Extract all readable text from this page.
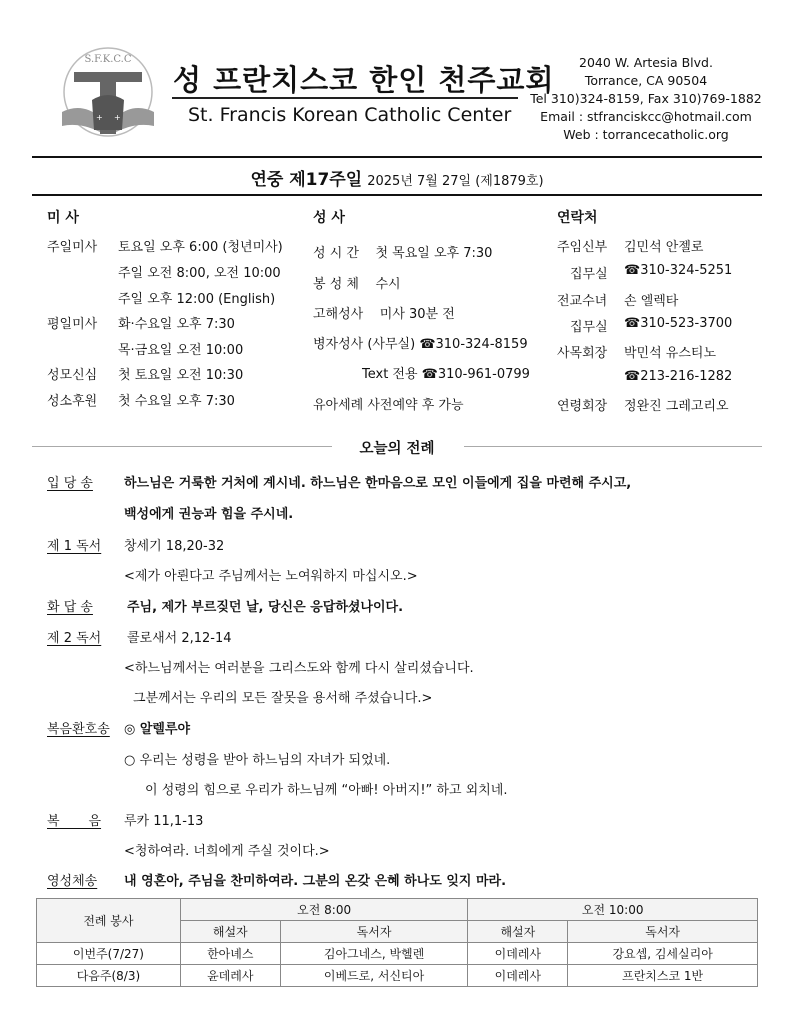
S.F.K.C.C
+ +
성 프란치스코 한인 천주교회
St. Francis Korean Catholic Center
2040 W. Artesia Blvd.
Torrance, CA 90504
Tel 310)324-8159, Fax 310)769-1882
Email : stfranciskcc@hotmail.com
Web : torrancecatholic.org
연중 제17주일 2025년 7월 27일 (제1879호)
미 사
주일미사 토요일 오후 6:00 (청년미사)
주일 오전 8:00, 오전 10:00
주일 오후 12:00 (English)
평일미사 화·수요일 오후 7:30
목·금요일 오전 10:00
성모신심 첫 토요일 오전 10:30
성소후원 첫 수요일 오후 7:30
성 사
성 시 간    첫 목요일 오후 7:30
봉 성 체    수시
고해성사    미사 30분 전
병자성사 (사무실) ☎310-324-8159
Text 전용 ☎310-961-0799
유아세례 사전예약 후 가능
연락처
주임신부 김민석 안젤로
집무실 ☎310-324-5251
전교수녀 손 엘렉타
집무실 ☎310-523-3700
사목회장 박민석 유스티노
☎213-216-1282
연령회장 정완진 그레고리오
오늘의 전례
입 당 송 하느님은 거룩한 거처에 계시네. 하느님은 한마음으로 모인 이들에게 집을 마련해 주시고,
백성에게 권능과 힘을 주시네.
제 1 독서 창세기 18,20-32
<제가 아뢴다고 주님께서는 노여워하지 마십시오.>
화 답 송	주님, 제가 부르짖던 날, 당신은 응답하셨나이다.
제 2 독서 콜로새서 2,12-14
<하느님께서는 여러분을 그리스도와 함께 다시 살리셨습니다.
그분께서는 우리의 모든 잘못을 용서해 주셨습니다.>
복음환호송 ◎ 알렐루야
○ 우리는 성령을 받아 하느님의 자녀가 되었네.
이 성령의 힘으로 우리가 하느님께 “아빠! 아버지!” 하고 외치네.
복       음 루카 11,1-13
<청하여라. 너희에게 주실 것이다.>
영성체송 내 영혼아, 주님을 찬미하여라. 그분의 온갖 은혜 하나도 잊지 마라.
전례 봉사	오전 8:00		오전 10:00	
	해설자	독서자	해설자	독서자
이번주(7/27)	한아녜스	김아그네스, 박헬렌	이데레사	강요셉, 김세실리아
다음주(8/3)	윤데레사	이베드로, 서신티아	이데레사	프란치스코 1반
